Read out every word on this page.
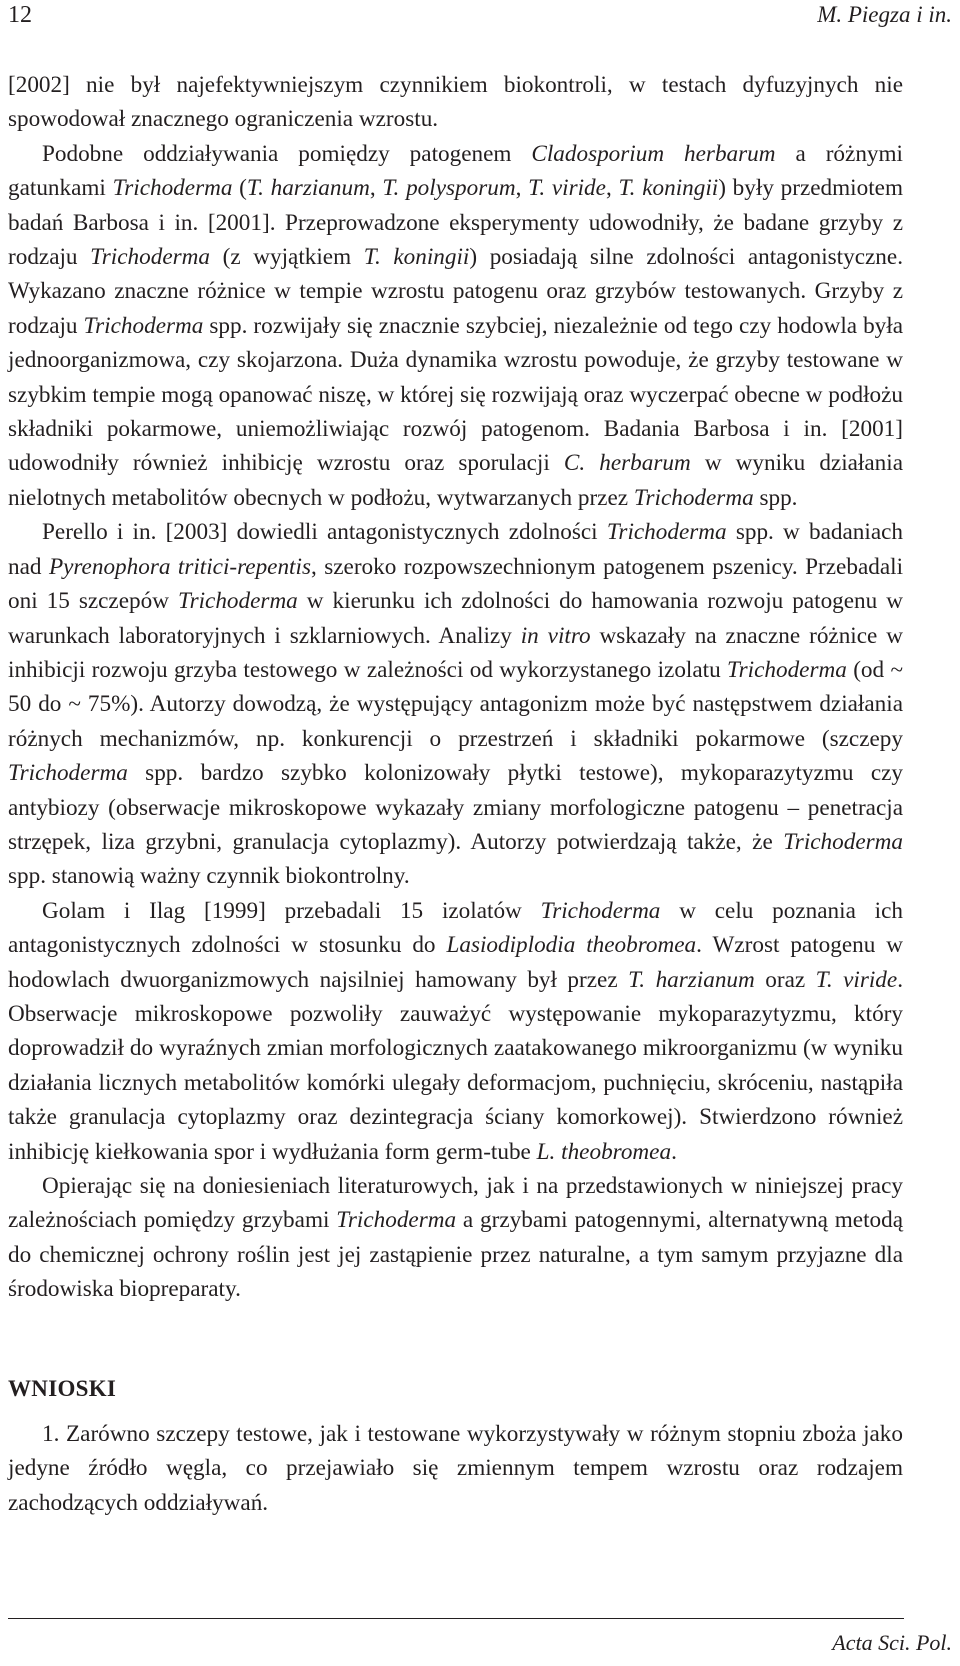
12	M. Piegza i in.

[2002] nie był najefektywniejszym czynnikiem biokontroli, w testach dyfuzyjnych nie spowodował znacznego ograniczenia wzrostu.

Podobne oddziaływania pomiędzy patogenem Cladosporium herbarum a różnymi gatunkami Trichoderma (T. harzianum, T. polysporum, T. viride, T. koningii) były przedmiotem badań Barbosa i in. [2001]. Przeprowadzone eksperymenty udowodniły, że badane grzyby z rodzaju Trichoderma (z wyjątkiem T. koningii) posiadają silne zdolności antagonistyczne. Wykazano znaczne różnice w tempie wzrostu patogenu oraz grzybów testowanych. Grzyby z rodzaju Trichoderma spp. rozwijały się znacznie szybciej, niezależnie od tego czy hodowla była jednoorganizmowa, czy skojarzona. Duża dynamika wzrostu powoduje, że grzyby testowane w szybkim tempie mogą opanować niszę, w której się rozwijają oraz wyczerpać obecne w podłożu składniki pokarmowe, uniemożliwiając rozwój patogenom. Badania Barbosa i in. [2001] udowodniły również inhibicję wzrostu oraz sporulacji C. herbarum w wyniku działania nielotnych metabolitów obecnych w podłożu, wytwarzanych przez Trichoderma spp.

Perello i in. [2003] dowiedli antagonistycznych zdolności Trichoderma spp. w badaniach nad Pyrenophora tritici-repentis, szeroko rozpowszechnionym patogenem pszenicy. Przebadali oni 15 szczepów Trichoderma w kierunku ich zdolności do hamowania rozwoju patogenu w warunkach laboratoryjnych i szklarniowych. Analizy in vitro wskazały na znaczne różnice w inhibicji rozwoju grzyba testowego w zależności od wykorzystanego izolatu Trichoderma (od ~ 50 do ~ 75%). Autorzy dowodzą, że występujący antagonizm może być następstwem działania różnych mechanizmów, np. konkurencji o przestrzeń i składniki pokarmowe (szczepy Trichoderma spp. bardzo szybko kolonizowały płytki testowe), mykoparazytyzmu czy antybiozy (obserwacje mikroskopowe wykazały zmiany morfologiczne patogenu – penetracja strzępek, liza grzybni, granulacja cytoplazmy). Autorzy potwierdzają także, że Trichoderma spp. stanowią ważny czynnik biokontrolny.

Golam i Ilag [1999] przebadali 15 izolatów Trichoderma w celu poznania ich antagonistycznych zdolności w stosunku do Lasiodiplodia theobromea. Wzrost patogenu w hodowlach dwuorganizmowych najsilniej hamowany był przez T. harzianum oraz T. viride. Obserwacje mikroskopowe pozwoliły zauważyć występowanie mykoparazytyzmu, który doprowadził do wyraźnych zmian morfologicznych zaatakowanego mikroorganizmu (w wyniku działania licznych metabolitów komórki ulegały deformacjom, puchnięciu, skróceniu, nastąpiła także granulacja cytoplazmy oraz dezintegracja ściany komorkowej). Stwierdzono również inhibicję kiełkowania spor i wydłużania form germ-tube L. theobromea.

Opierając się na doniesieniach literaturowych, jak i na przedstawionych w niniejszej pracy zależnościach pomiędzy grzybami Trichoderma a grzybami patogennymi, alternatywną metodą do chemicznej ochrony roślin jest jej zastąpienie przez naturalne, a tym samym przyjazne dla środowiska biopreparaty.

WNIOSKI

1. Zarówno szczepy testowe, jak i testowane wykorzystywały w różnym stopniu zboża jako jedyne źródło węgla, co przejawiało się zmiennym tempem wzrostu oraz rodzajem zachodzących oddziaływań.

Acta Sci. Pol.
